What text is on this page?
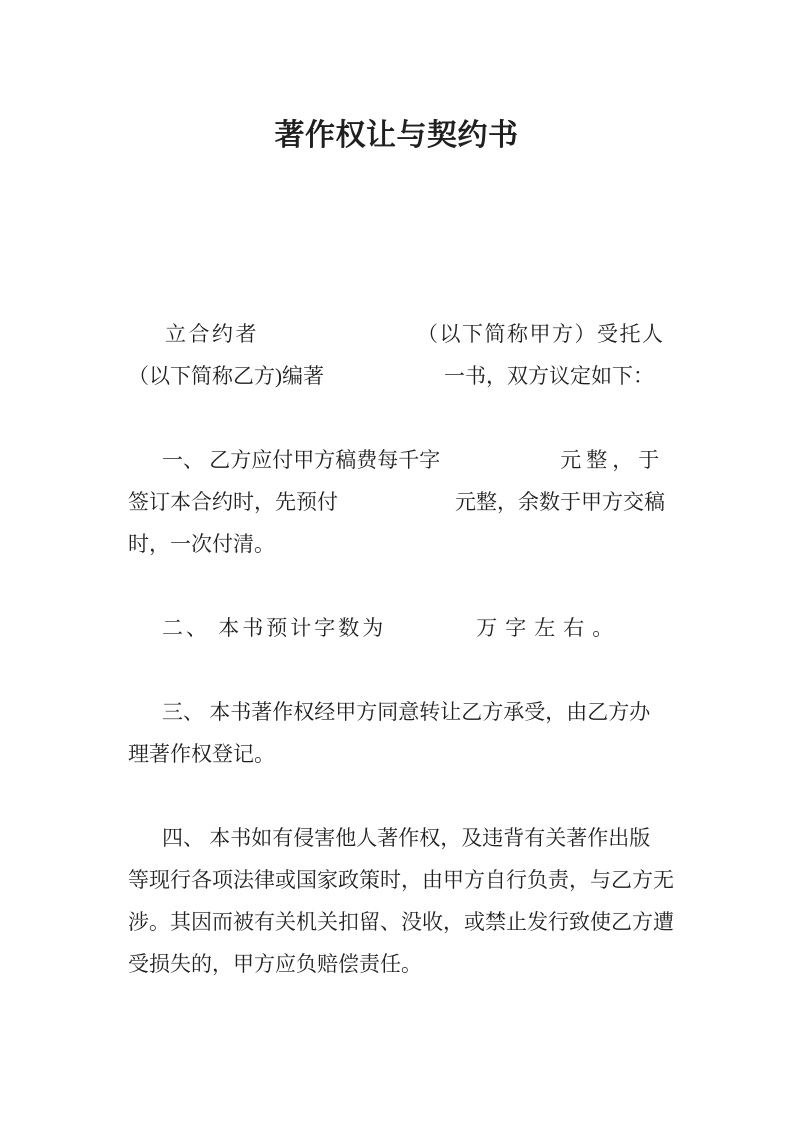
著作权让与契约书
立合约者	（以下简称甲方）受托人
（以下简称乙方)编著	一书，双方议定如下：
一、 乙方应付甲方稿费每千字	元整，于
签订本合约时，先预付	元整，余数于甲方交稿
时，一次付清。
二、 本书预计字数为	万字左右。
三、 本书著作权经甲方同意转让乙方承受，由乙方办
理著作权登记。
四、 本书如有侵害他人著作权，及违背有关著作出版
等现行各项法律或国家政策时，由甲方自行负责，与乙方无
涉。其因而被有关机关扣留、没收，或禁止发行致使乙方遭
受损失的，甲方应负赔偿责任。
